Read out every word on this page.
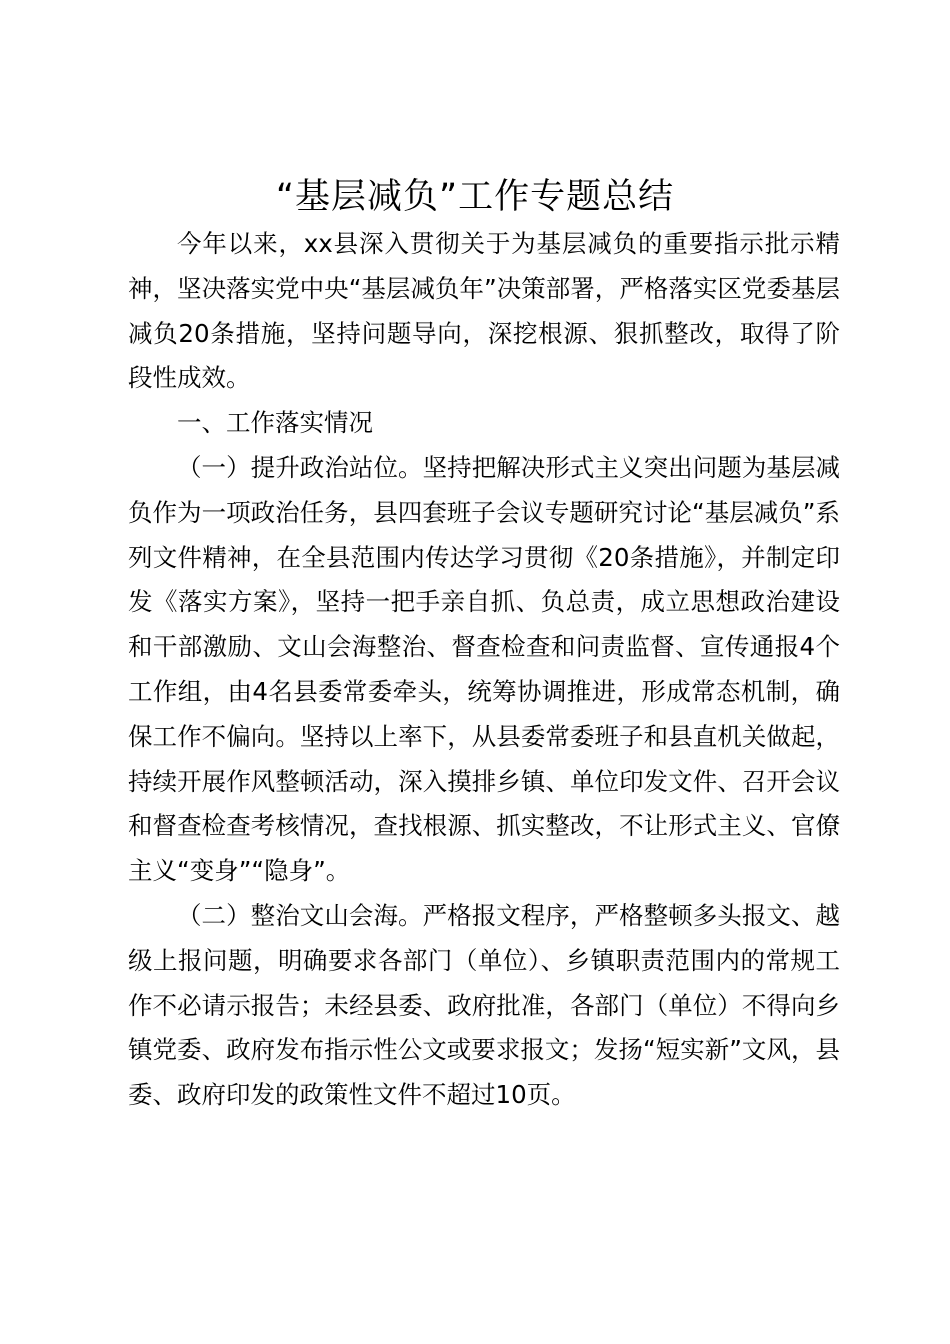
“基层减负”工作专题总结

今年以来，xx县深入贯彻关于为基层减负的重要指示批示精神，坚决落实党中央“基层减负年”决策部署，严格落实区党委基层减负20条措施，坚持问题导向，深挖根源、狠抓整改，取得了阶段性成效。

一、工作落实情况

（一）提升政治站位。坚持把解决形式主义突出问题为基层减负作为一项政治任务，县四套班子会议专题研究讨论“基层减负”系列文件精神，在全县范围内传达学习贯彻《20条措施》，并制定印发《落实方案》，坚持一把手亲自抓、负总责，成立思想政治建设和干部激励、文山会海整治、督查检查和问责监督、宣传通报4个工作组，由4名县委常委牵头，统筹协调推进，形成常态机制，确保工作不偏向。坚持以上率下，从县委常委班子和县直机关做起，持续开展作风整顿活动，深入摸排乡镇、单位印发文件、召开会议和督查检查考核情况，查找根源、抓实整改，不让形式主义、官僚主义“变身”“隐身”。

（二）整治文山会海。严格报文程序，严格整顿多头报文、越级上报问题，明确要求各部门（单位）、乡镇职责范围内的常规工作不必请示报告；未经县委、政府批准，各部门（单位）不得向乡镇党委、政府发布指示性公文或要求报文；发扬“短实新”文风，县委、政府印发的政策性文件不超过10页。
